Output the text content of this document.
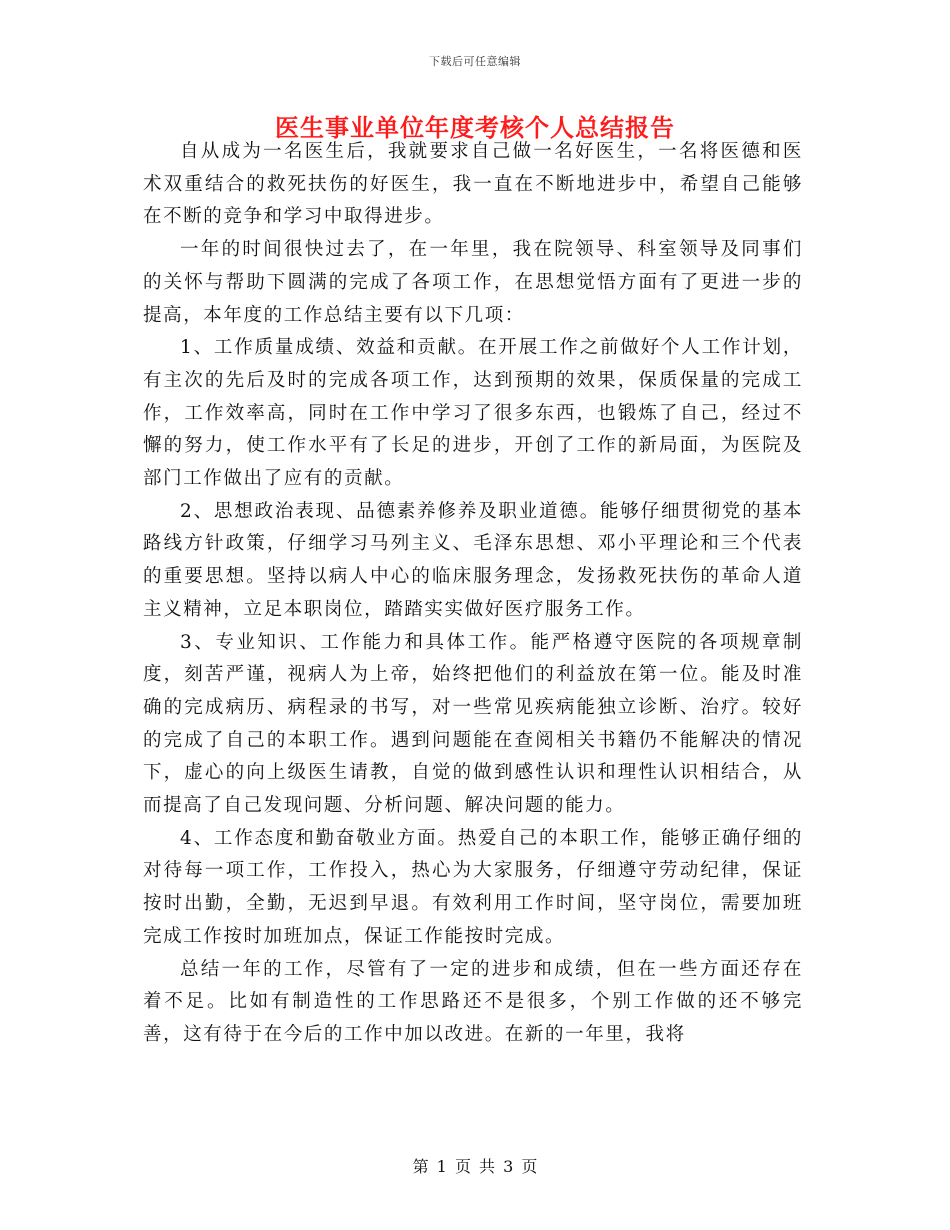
下载后可任意编辑
医生事业单位年度考核个人总结报告

自从成为一名医生后，我就要求自己做一名好医生，一名将医德和医术双重结合的救死扶伤的好医生，我一直在不断地进步中，希望自己能够在不断的竞争和学习中取得进步。

一年的时间很快过去了，在一年里，我在院领导、科室领导及同事们的关怀与帮助下圆满的完成了各项工作，在思想觉悟方面有了更进一步的提高，本年度的工作总结主要有以下几项：

1、工作质量成绩、效益和贡献。在开展工作之前做好个人工作计划，有主次的先后及时的完成各项工作，达到预期的效果，保质保量的完成工作，工作效率高，同时在工作中学习了很多东西，也锻炼了自己，经过不懈的努力，使工作水平有了长足的进步，开创了工作的新局面，为医院及部门工作做出了应有的贡献。

2、思想政治表现、品德素养修养及职业道德。能够仔细贯彻党的基本路线方针政策，仔细学习马列主义、毛泽东思想、邓小平理论和三个代表的重要思想。坚持以病人中心的临床服务理念，发扬救死扶伤的革命人道主义精神，立足本职岗位，踏踏实实做好医疗服务工作。

3、专业知识、工作能力和具体工作。能严格遵守医院的各项规章制度，刻苦严谨，视病人为上帝，始终把他们的利益放在第一位。能及时准确的完成病历、病程录的书写，对一些常见疾病能独立诊断、治疗。较好的完成了自己的本职工作。遇到问题能在查阅相关书籍仍不能解决的情况下，虚心的向上级医生请教，自觉的做到感性认识和理性认识相结合，从而提高了自己发现问题、分析问题、解决问题的能力。

4、工作态度和勤奋敬业方面。热爱自己的本职工作，能够正确仔细的对待每一项工作，工作投入，热心为大家服务，仔细遵守劳动纪律，保证按时出勤，全勤，无迟到早退。有效利用工作时间，坚守岗位，需要加班完成工作按时加班加点，保证工作能按时完成。

总结一年的工作，尽管有了一定的进步和成绩，但在一些方面还存在着不足。比如有制造性的工作思路还不是很多，个别工作做的还不够完善，这有待于在今后的工作中加以改进。在新的一年里，我将

第 1 页 共 3 页
